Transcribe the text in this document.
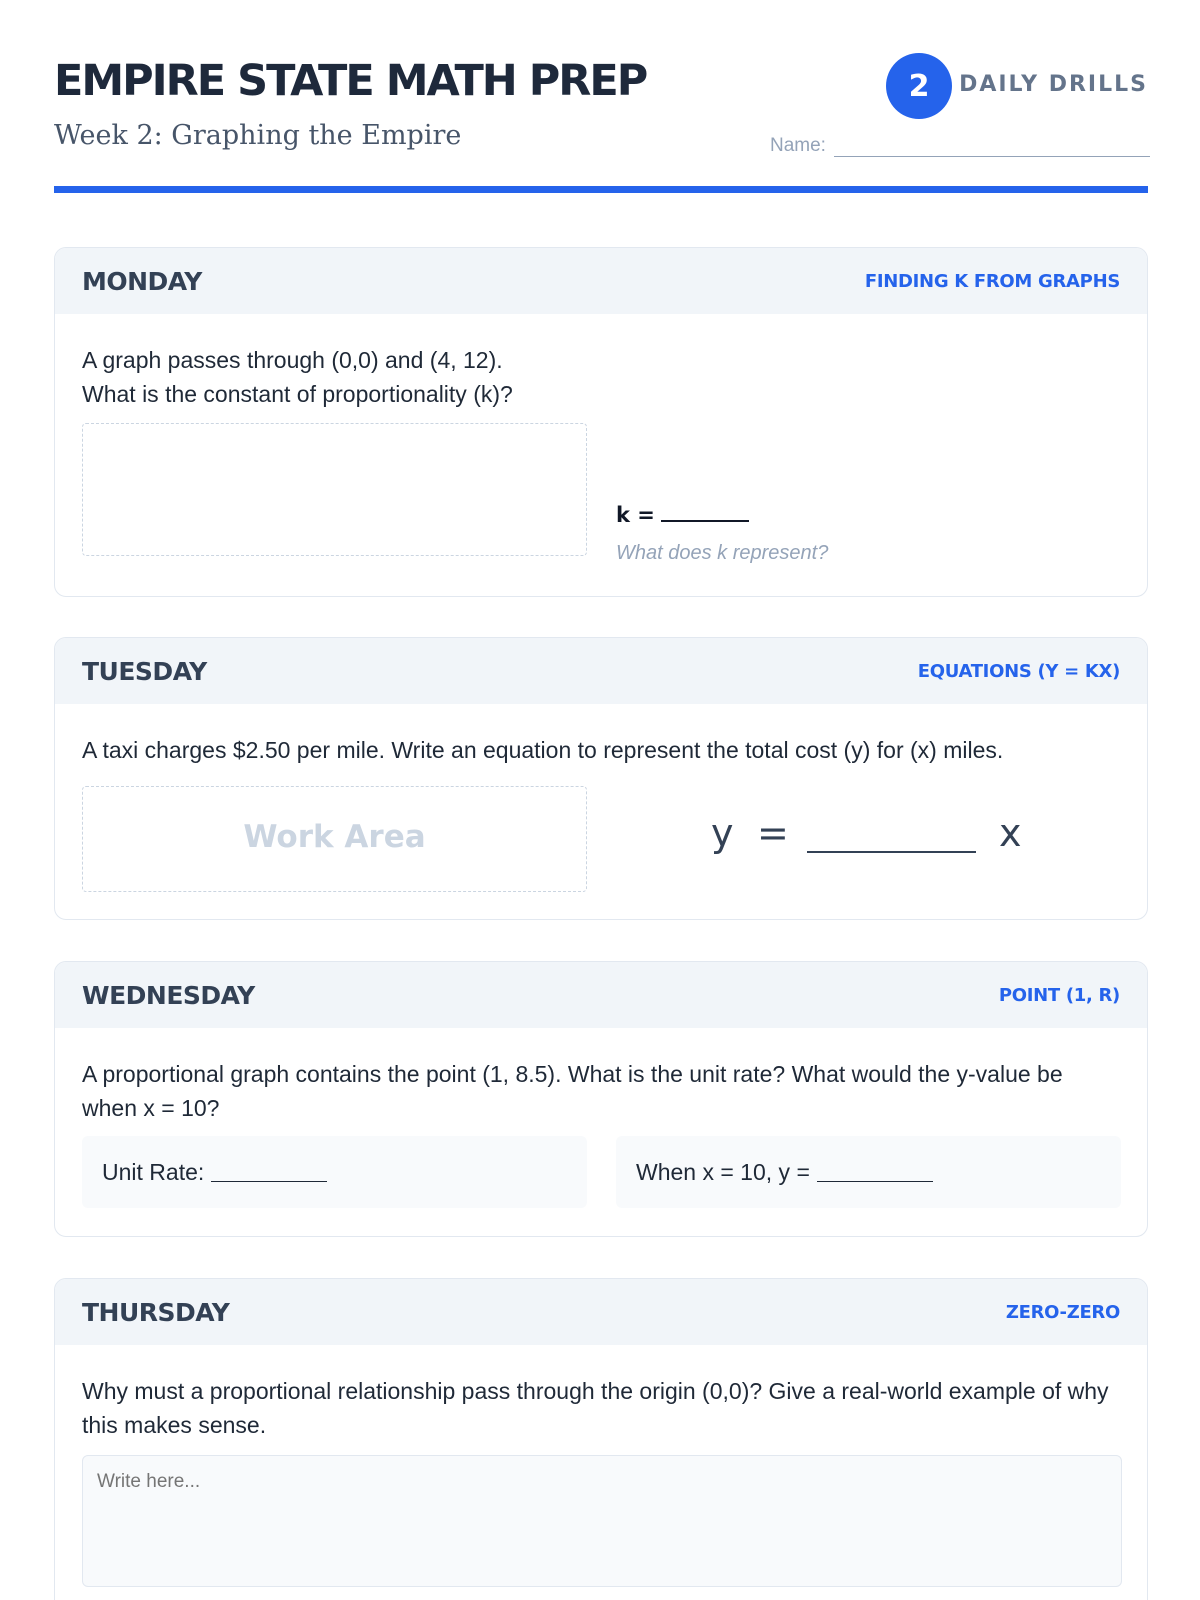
EMPIRE STATE MATH PREP
Week 2: Graphing the Empire
2	DAILY DRILLS
Name:
MONDAY	FINDING K FROM GRAPHS
A graph passes through (0,0) and (4, 12).
What is the constant of proportionality (k)?
k =
What does k represent?
TUESDAY	EQUATIONS (Y = KX)
A taxi charges $2.50 per mile. Write an equation to represent the total cost (y) for (x) miles.
Work Area	y =	x
WEDNESDAY	POINT (1, R)
A proportional graph contains the point (1, 8.5). What is the unit rate? What would the y-value be when x = 10?
Unit Rate:	When x = 10, y =
THURSDAY	ZERO-ZERO
Why must a proportional relationship pass through the origin (0,0)? Give a real-world example of why this makes sense.
Write here...
